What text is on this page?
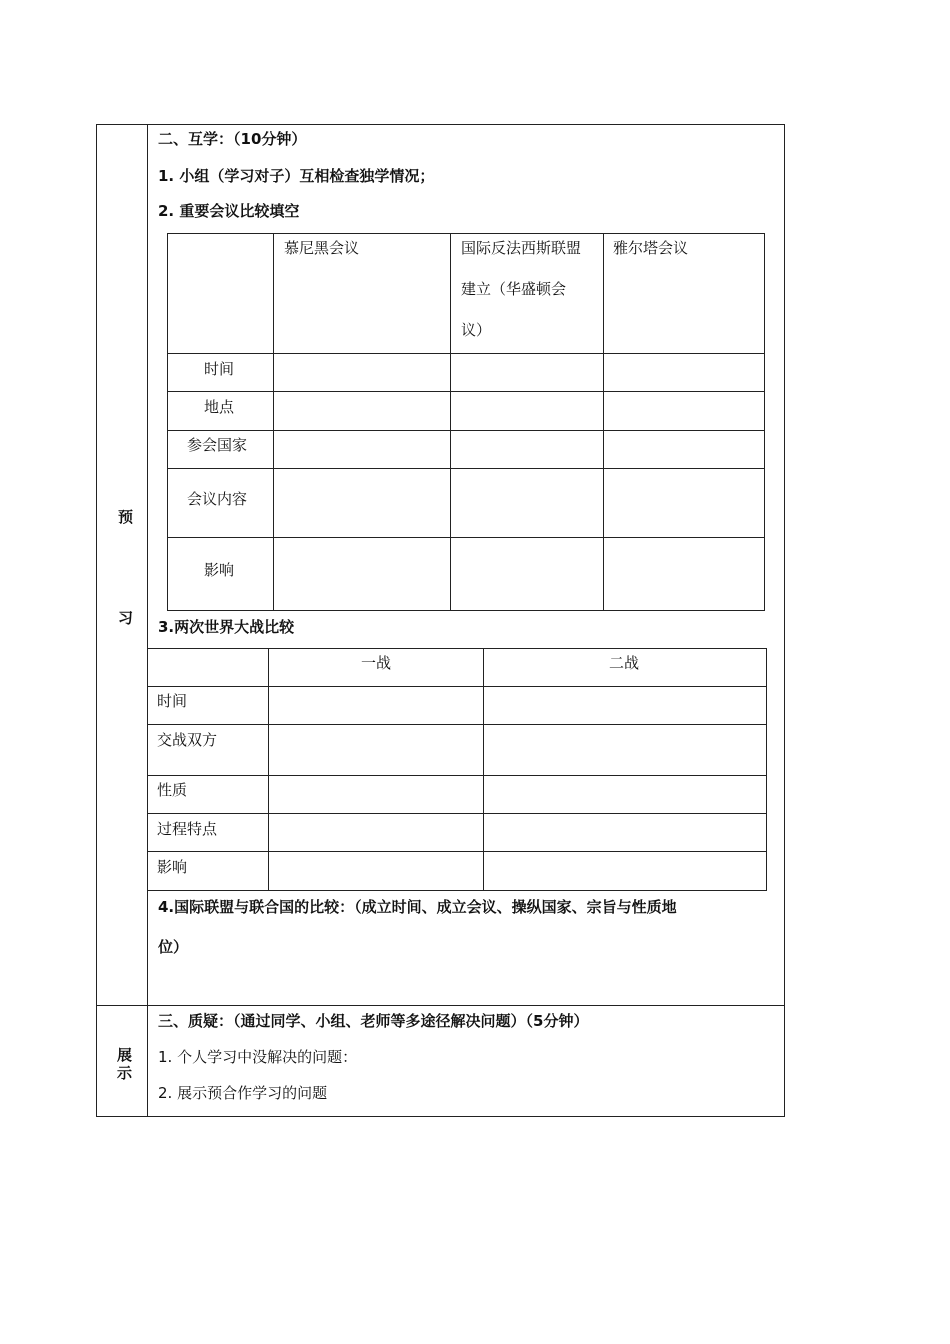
预
习
展示
二、互学：（10分钟）
1. 小组（学习对子）互相检查独学情况；
2. 重要会议比较填空
慕尼黑会议	国际反法西斯联盟
建立（华盛顿会
议）
雅尔塔会议
时间
地点
参会国家
会议内容
影响
3.两次世界大战比较
一战	二战
时间
交战双方
性质
过程特点
影响
4.国际联盟与联合国的比较：（成立时间、成立会议、操纵国家、宗旨与性质地
位）
三、质疑：（通过同学、小组、老师等多途径解决问题）（5分钟）
1. 个人学习中没解决的问题：
2. 展示预合作学习的问题
